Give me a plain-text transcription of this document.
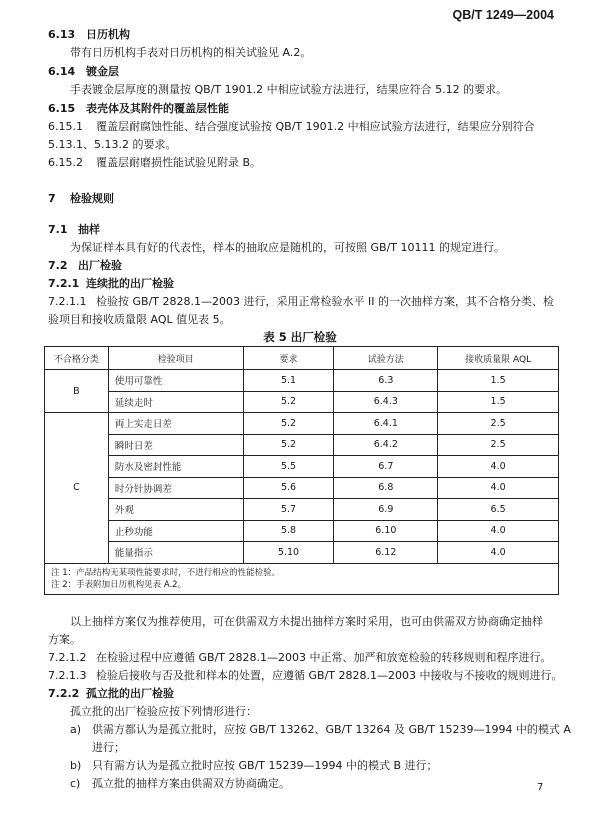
QB/T 1249—2004
6.13 日历机构
带有日历机构手表对日历机构的相关试验见 A.2。
6.14 镀金层
手表镀金层厚度的测量按 QB/T 1901.2 中相应试验方法进行，结果应符合 5.12 的要求。
6.15 表壳体及其附件的覆盖层性能
6.15.1 覆盖层耐腐蚀性能、结合强度试验按 QB/T 1901.2 中相应试验方法进行，结果应分别符合
5.13.1、5.13.2 的要求。
6.15.2 覆盖层耐磨损性能试验见附录 B。
7 检验规则
7.1 抽样
为保证样本具有好的代表性，样本的抽取应是随机的，可按照 GB/T 10111 的规定进行。
7.2 出厂检验
7.2.1 连续批的出厂检验
7.2.1.1 检验按 GB/T 2828.1—2003 进行，采用正常检验水平 II 的一次抽样方案，其不合格分类、检
验项目和接收质量限 AQL 值见表 5。
表 5 出厂检验
不合格分类	检验项目	要求	试验方法	接收质量限 AQL
B	使用可靠性	5.1	6.3	1.5
	延续走时	5.2	6.4.3	1.5
C	両上实走日差	5.2	6.4.1	2.5
	瞬时日差	5.2	6.4.2	2.5
	防水及密封性能	5.5	6.7	4.0
	时分针协调差	5.6	6.8	4.0
	外观	5.7	6.9	6.5
	止秒功能	5.8	6.10	4.0
	能量指示	5.10	6.12	4.0

注 1：产品结构无某项性能要求时，不进行相应的性能检验。
注 2：手表附加日历机构见表 A.2。				
以上抽样方案仅为推荐使用，可在供需双方未提出抽样方案时采用，也可由供需双方协商确定抽样
方案。
7.2.1.2 在检验过程中应遵循 GB/T 2828.1—2003 中正常、加严和放宽检验的转移规则和程序进行。
7.2.1.3 检验后接收与否及批和样本的处置，应遵循 GB/T 2828.1—2003 中接收与不接收的规则进行。
7.2.2 孤立批的出厂检验
孤立批的出厂检验应按下列情形进行：
a) 供需方都认为是孤立批时，应按 GB/T 13262、GB/T 13264 及 GB/T 15239—1994 中的模式 A
进行；
b) 只有需方认为是孤立批时应按 GB/T 15239—1994 中的模式 B 进行；
c) 孤立批的抽样方案由供需双方协商确定。	7
